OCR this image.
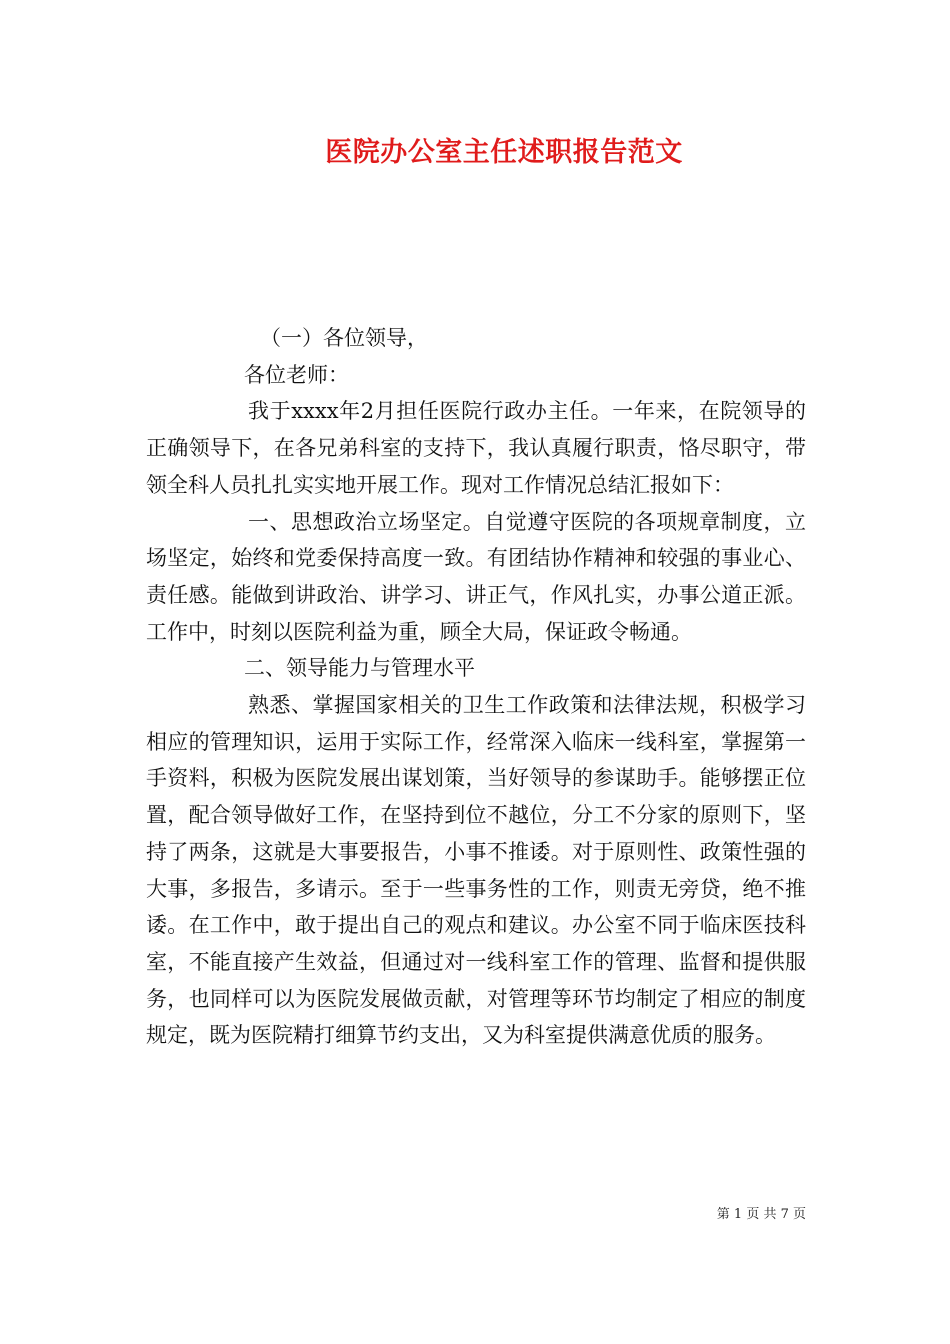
医院办公室主任述职报告范文

（一）各位领导，

各位老师：

我于xxxx年2月担任医院行政办主任。一年来，在院领导的正确领导下，在各兄弟科室的支持下，我认真履行职责，恪尽职守，带领全科人员扎扎实实地开展工作。现对工作情况总结汇报如下：

一、思想政治立场坚定。自觉遵守医院的各项规章制度，立场坚定，始终和党委保持高度一致。有团结协作精神和较强的事业心、责任感。能做到讲政治、讲学习、讲正气，作风扎实，办事公道正派。工作中，时刻以医院利益为重，顾全大局，保证政令畅通。

二、领导能力与管理水平

熟悉、掌握国家相关的卫生工作政策和法律法规，积极学习相应的管理知识，运用于实际工作，经常深入临床一线科室，掌握第一手资料，积极为医院发展出谋划策，当好领导的参谋助手。能够摆正位置，配合领导做好工作，在坚持到位不越位，分工不分家的原则下，坚持了两条，这就是大事要报告，小事不推诿。对于原则性、政策性强的大事，多报告，多请示。至于一些事务性的工作，则责无旁贷，绝不推诿。在工作中，敢于提出自己的观点和建议。办公室不同于临床医技科室，不能直接产生效益，但通过对一线科室工作的管理、监督和提供服务，也同样可以为医院发展做贡献，对管理等环节均制定了相应的制度规定，既为医院精打细算节约支出，又为科室提供满意优质的服务。

第 1 页 共 7 页
